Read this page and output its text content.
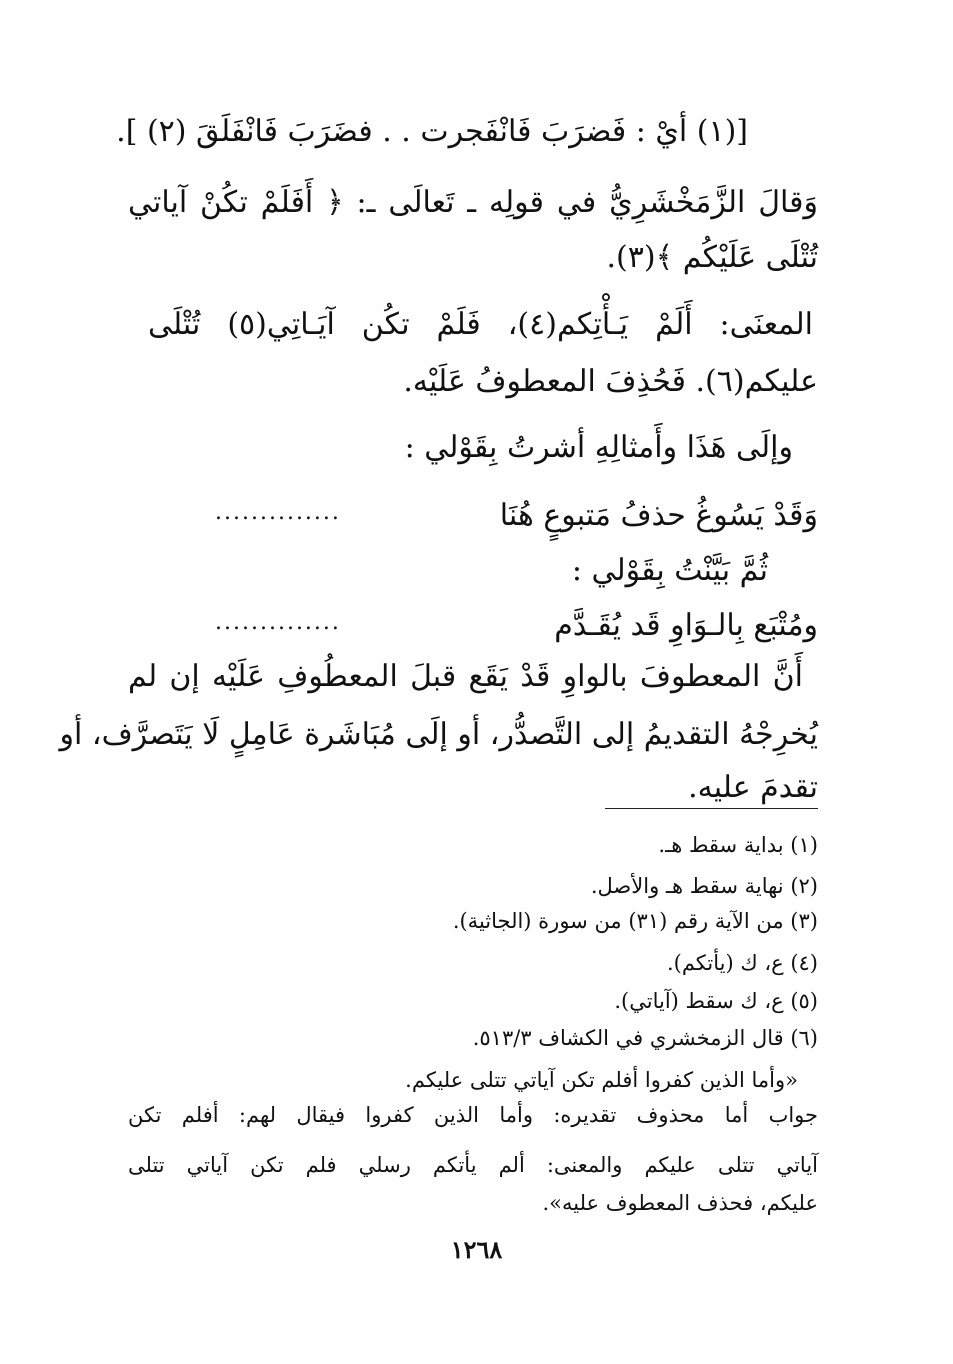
[(١) أيْ : فَضرَبَ فَانْفَجرت . . فضَرَبَ فَانْفَلَقَ (٢) ].
وَقالَ الزَّمَخْشَرِيُّ في قولِه ـ تَعالَى ـ: ﴿ أَفَلَمْ تكُنْ آياتي
تُتْلَى عَلَيْكُم ﴾(٣).
المعنَى: أَلَمْ يَـأْتِكم(٤)، فَلَمْ تكُن آيَـاتِي(٥) تُتْلَى
عليكم(٦). فَحُذِفَ المعطوفُ عَلَيْه.
وإلَى هَذَا وأَمثالِهِ أشرتُ بِقَوْلي :
وَقَدْ يَسُوغُ حذفُ مَتبوعٍ هُنَا
..............
ثُمَّ بَيَّنْتُ بِقَوْلي :
ومُتْبَع بِالـوَاوِ قَد يُقَـدَّم
..............
أَنَّ المعطوفَ بالواوِ قَدْ يَقَع قبلَ المعطُوفِ عَلَيْه إن لم
يُخرِجْهُ التقديمُ إلى التَّصدُّر، أو إلَى مُبَاشَرة عَامِلٍ لَا يَتَصرَّف، أو
تقدمَ عليه.
(١) بداية سقط هـ.
(٢) نهاية سقط هـ والأصل.
(٣) من الآية رقم (٣١) من سورة (الجاثية).
(٤) ع، ك (يأتكم).
(٥) ع، ك سقط (آياتي).
(٦) قال الزمخشري في الكشاف ٥١٣/٣.
«وأما الذين كفروا أفلم تكن آياتي تتلى عليكم.
جواب أما محذوف تقديره: وأما الذين كفروا فيقال لهم: أفلم تكن
آياتي تتلى عليكم والمعنى: ألم يأتكم رسلي فلم تكن آياتي تتلى
عليكم، فحذف المعطوف عليه».
١٢٦٨
